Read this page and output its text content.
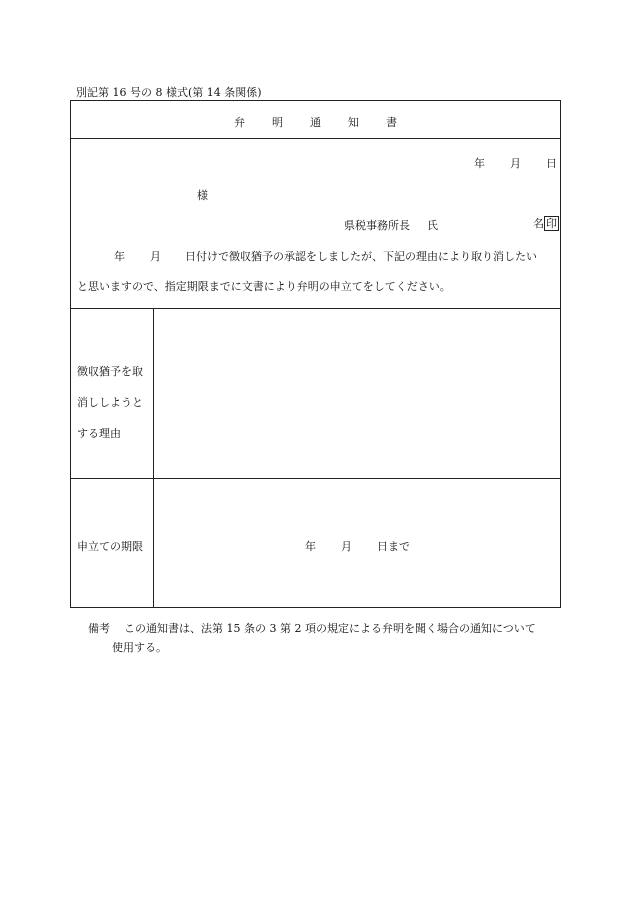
別記第 16 号の 8 様式(第 14 条関係)
弁 明 通 知 書
年 月 日
様
県税事務所長 氏	名 印
年 月 日付けで徴収猶予の承認をしましたが、下記の理由により取り消したい
と思いますので、指定期限までに文書により弁明の申立てをしてください。
徴収猶予を取
消ししようと
する理由
申立ての期限	年 月 日まで
備考 この通知書は、法第 15 条の 3 第 2 項の規定による弁明を聞く場合の通知について
使用する。
